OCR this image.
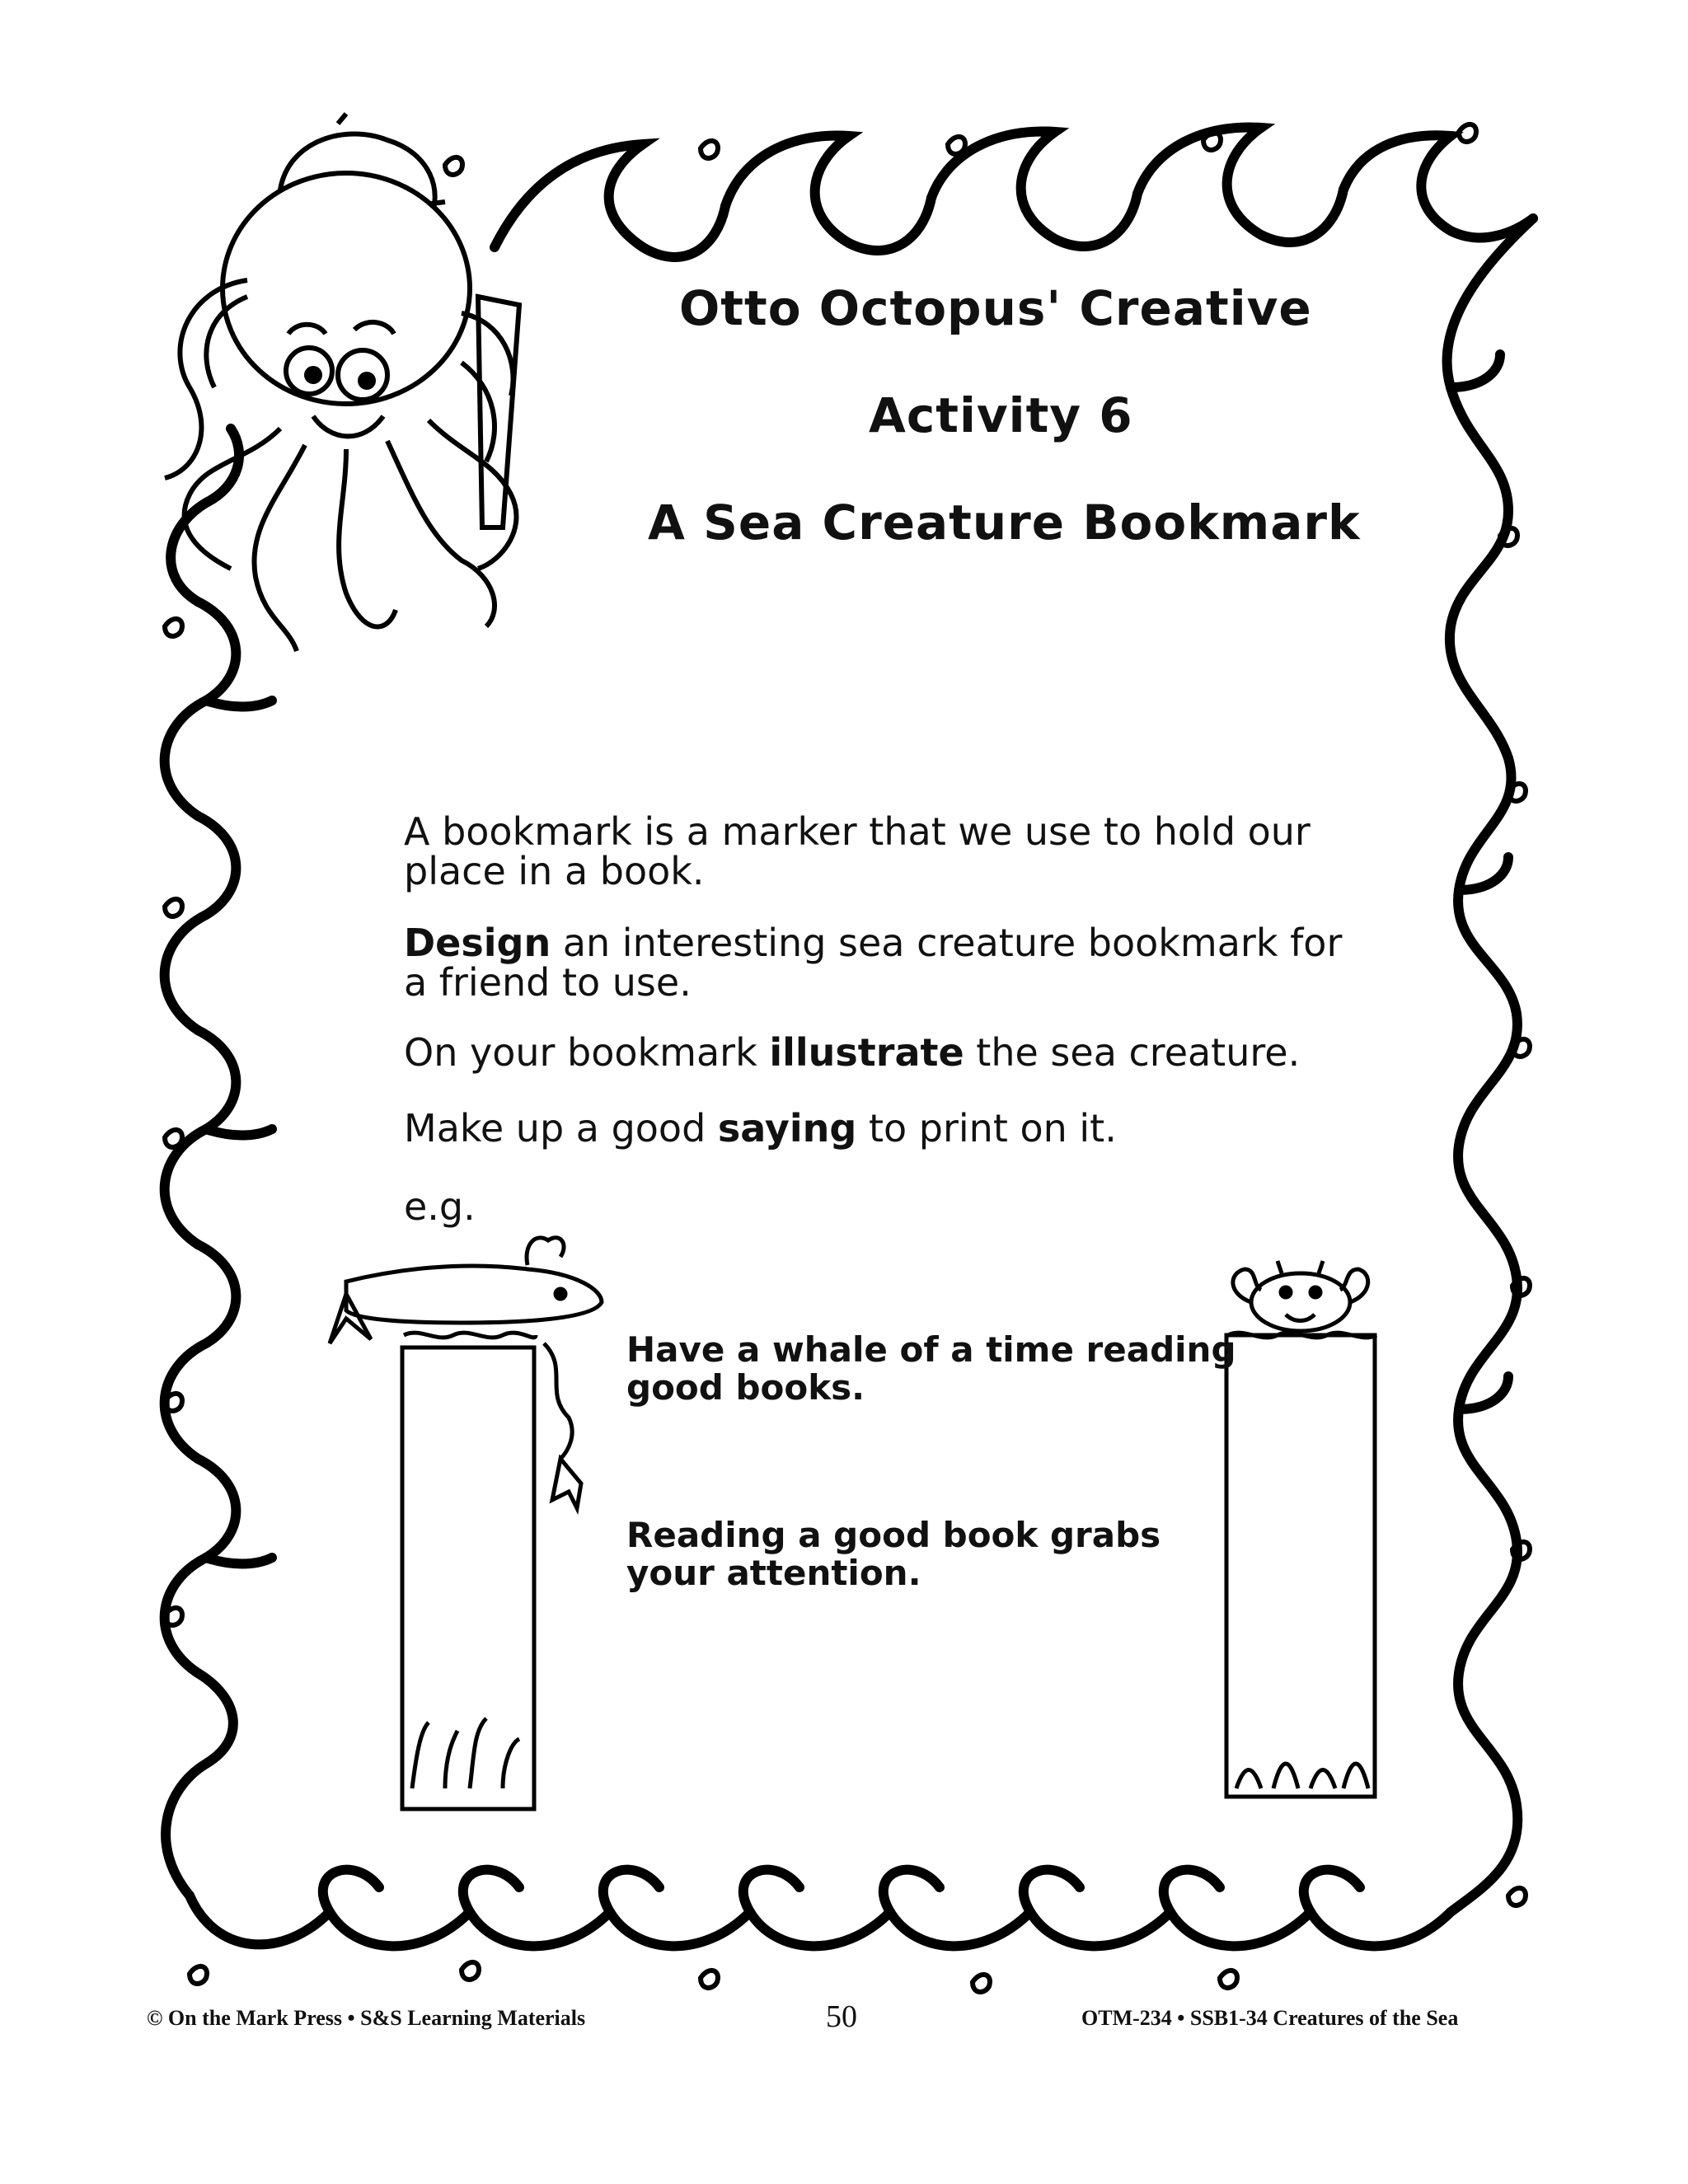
Otto Octopus' Creative
Activity 6
A Sea Creature Bookmark

A bookmark is a marker that we use to hold our place in a book.

Design an interesting sea creature bookmark for a friend to use.

On your bookmark illustrate the sea creature.

Make up a good saying to print on it.

e.g.

Have a whale of a time reading good books.

Reading a good book grabs your attention.

© On the Mark Press • S&S Learning Materials	50	OTM-234 • SSB1-34 Creatures of the Sea
